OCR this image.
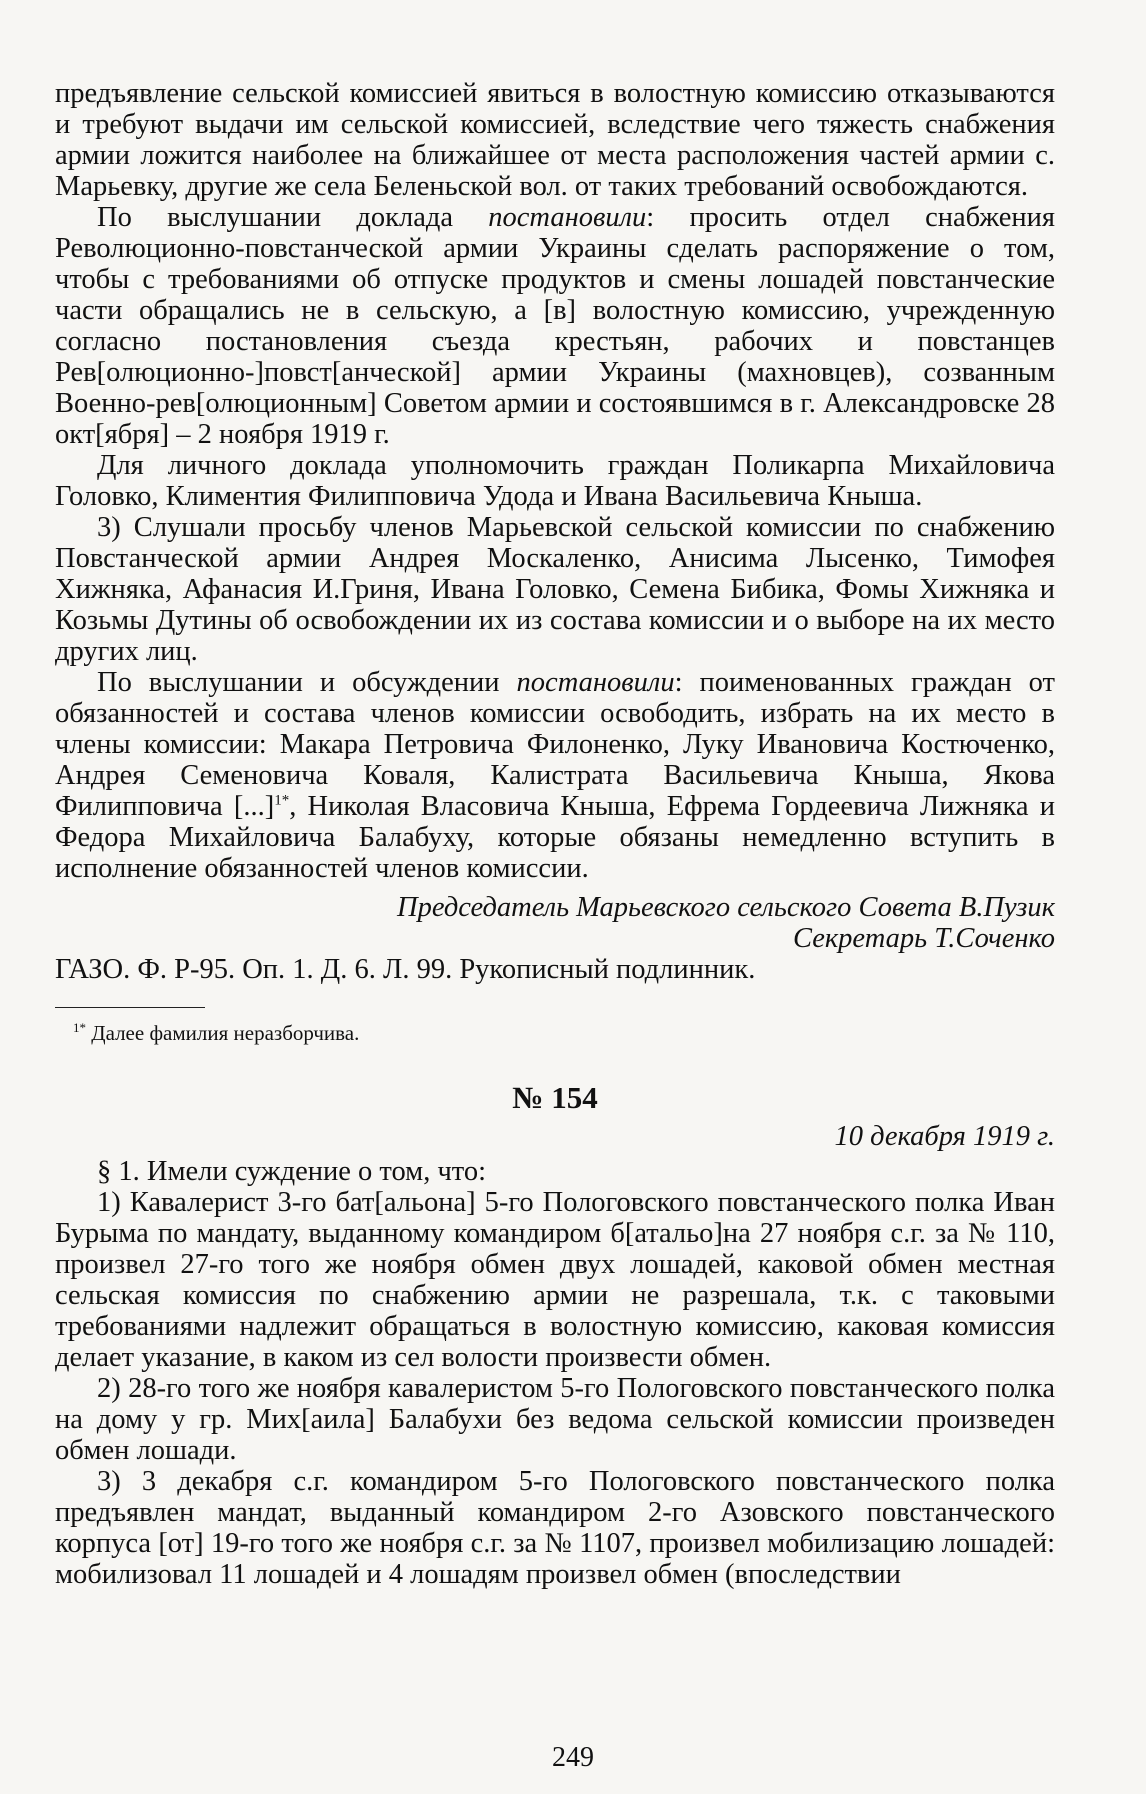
предъявление сельской комиссией явиться в волостную комиссию отказываются и требуют выдачи им сельской комиссией, вследствие чего тяжесть снабжения армии ложится наиболее на ближайшее от места расположения частей армии с. Марьевку, другие же села Беленьской вол. от таких требований освобождаются.

По выслушании доклада постановили: просить отдел снабжения Революционно-повстанческой армии Украины сделать распоряжение о том, чтобы с требованиями об отпуске продуктов и смены лошадей повстанческие части обращались не в сельскую, а [в] волостную комиссию, учрежденную согласно постановления съезда крестьян, рабочих и повстанцев Рев[олюционно-]повст[анческой] армии Украины (махновцев), созванным Военно-рев[олюционным] Советом армии и состоявшимся в г. Александровске 28 окт[ября] – 2 ноября 1919 г.

Для личного доклада уполномочить граждан Поликарпа Михайловича Головко, Климентия Филипповича Удода и Ивана Васильевича Кныша.

3) Слушали просьбу членов Марьевской сельской комиссии по снабжению Повстанческой армии Андрея Москаленко, Анисима Лысенко, Тимофея Хижняка, Афанасия И.Гриня, Ивана Головко, Семена Бибика, Фомы Хижняка и Козьмы Дутины об освобождении их из состава комиссии и о выборе на их место других лиц.

По выслушании и обсуждении постановили: поименованных граждан от обязанностей и состава членов комиссии освободить, избрать на их место в члены комиссии: Макара Петровича Филоненко, Луку Ивановича Костюченко, Андрея Семеновича Коваля, Калистрата Васильевича Кныша, Якова Филипповича [...]$^{1*}$, Николая Власовича Кныша, Ефрема Гордеевича Лижняка и Федора Михайловича Балабуху, которые обязаны немедленно вступить в исполнение обязанностей членов комиссии.

Председатель Марьевского сельского Совета В.Пузик

Секретарь Т.Соченко

ГАЗО. Ф. Р-95. Оп. 1. Д. 6. Л. 99. Рукописный подлинник.

$^{1*}$ Далее фамилия неразборчива.
№ 154
10 декабря 1919 г.

§ 1. Имели суждение о том, что:

1) Кавалерист 3-го бат[альона] 5-го Пологовского повстанческого полка Иван Бурыма по мандату, выданному командиром б[атальо]на 27 ноября с.г. за № 110, произвел 27-го того же ноября обмен двух лошадей, каковой обмен местная сельская комиссия по снабжению армии не разрешала, т.к. с таковыми требованиями надлежит обращаться в волостную комиссию, каковая комиссия делает указание, в каком из сел волости произвести обмен.

2) 28-го того же ноября кавалеристом 5-го Пологовского повстанческого полка на дому у гр. Мих[аила] Балабухи без ведома сельской комиссии произведен обмен лошади.

3) 3 декабря с.г. командиром 5-го Пологовского повстанческого полка предъявлен мандат, выданный командиром 2-го Азовского повстанческого корпуса [от] 19-го того же ноября с.г. за № 1107, произвел мобилизацию лошадей: мобилизовал 11 лошадей и 4 лошадям произвел обмен (впоследствии

249
